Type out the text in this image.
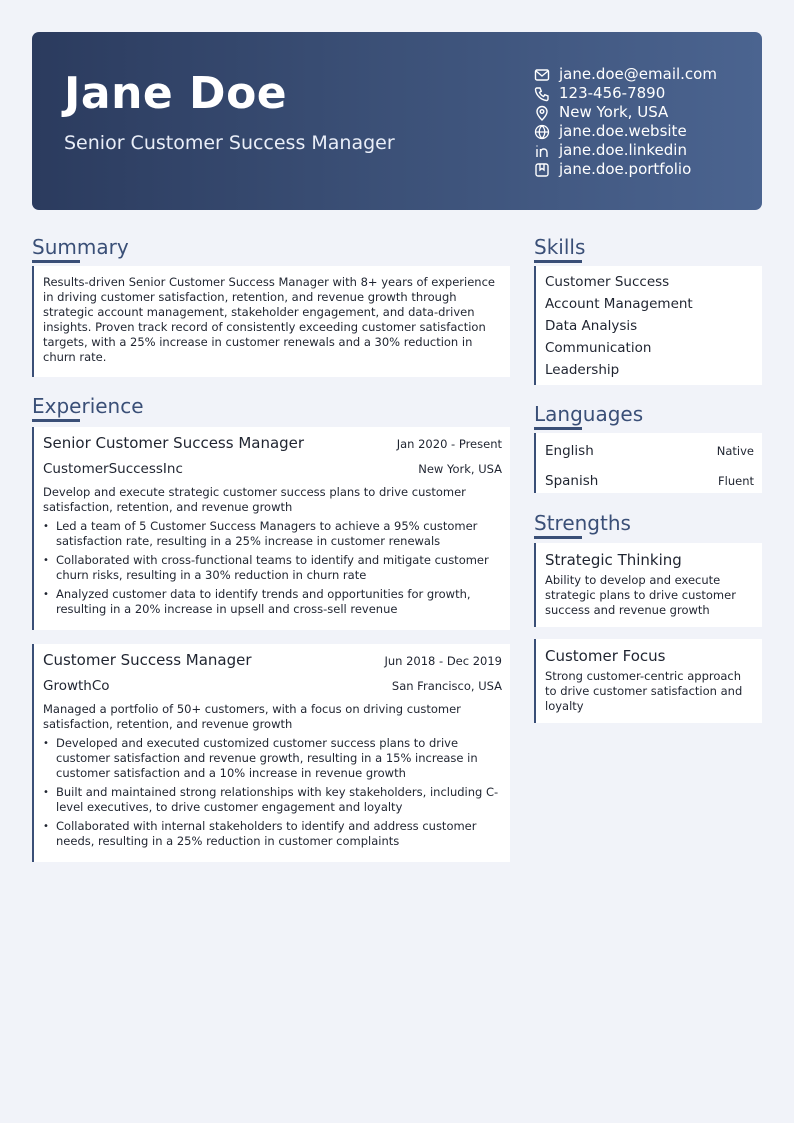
Jane Doe
Senior Customer Success Manager
jane.doe@email.com
123-456-7890
New York, USA
jane.doe.website
jane.doe.linkedin
jane.doe.portfolio
Summary

Results-driven Senior Customer Success Manager with 8+ years of experience in driving customer satisfaction, retention, and revenue growth through strategic account management, stakeholder engagement, and data-driven insights. Proven track record of consistently exceeding customer satisfaction targets, with a 25% increase in customer renewals and a 30% reduction in churn rate.

Experience
Senior Customer Success Manager	Jan 2020 - Present
CustomerSuccessInc	New York, USA

Develop and execute strategic customer success plans to drive customer satisfaction, retention, and revenue growth

• Led a team of 5 Customer Success Managers to achieve a 95% customer satisfaction rate, resulting in a 25% increase in customer renewals
• Collaborated with cross-functional teams to identify and mitigate customer churn risks, resulting in a 30% reduction in churn rate
• Analyzed customer data to identify trends and opportunities for growth, resulting in a 20% increase in upsell and cross-sell revenue
Customer Success Manager	Jun 2018 - Dec 2019
GrowthCo	San Francisco, USA

Managed a portfolio of 50+ customers, with a focus on driving customer satisfaction, retention, and revenue growth

• Developed and executed customized customer success plans to drive customer satisfaction and revenue growth, resulting in a 15% increase in customer satisfaction and a 10% increase in revenue growth
• Built and maintained strong relationships with key stakeholders, including C-level executives, to drive customer engagement and loyalty
• Collaborated with internal stakeholders to identify and address customer needs, resulting in a 25% reduction in customer complaints
Skills
Customer Success
Account Management
Data Analysis
Communication
Leadership
Languages
English	Native
Spanish	Fluent
Strengths
Strategic Thinking

Ability to develop and execute strategic plans to drive customer success and revenue growth

Customer Focus

Strong customer-centric approach to drive customer satisfaction and loyalty
